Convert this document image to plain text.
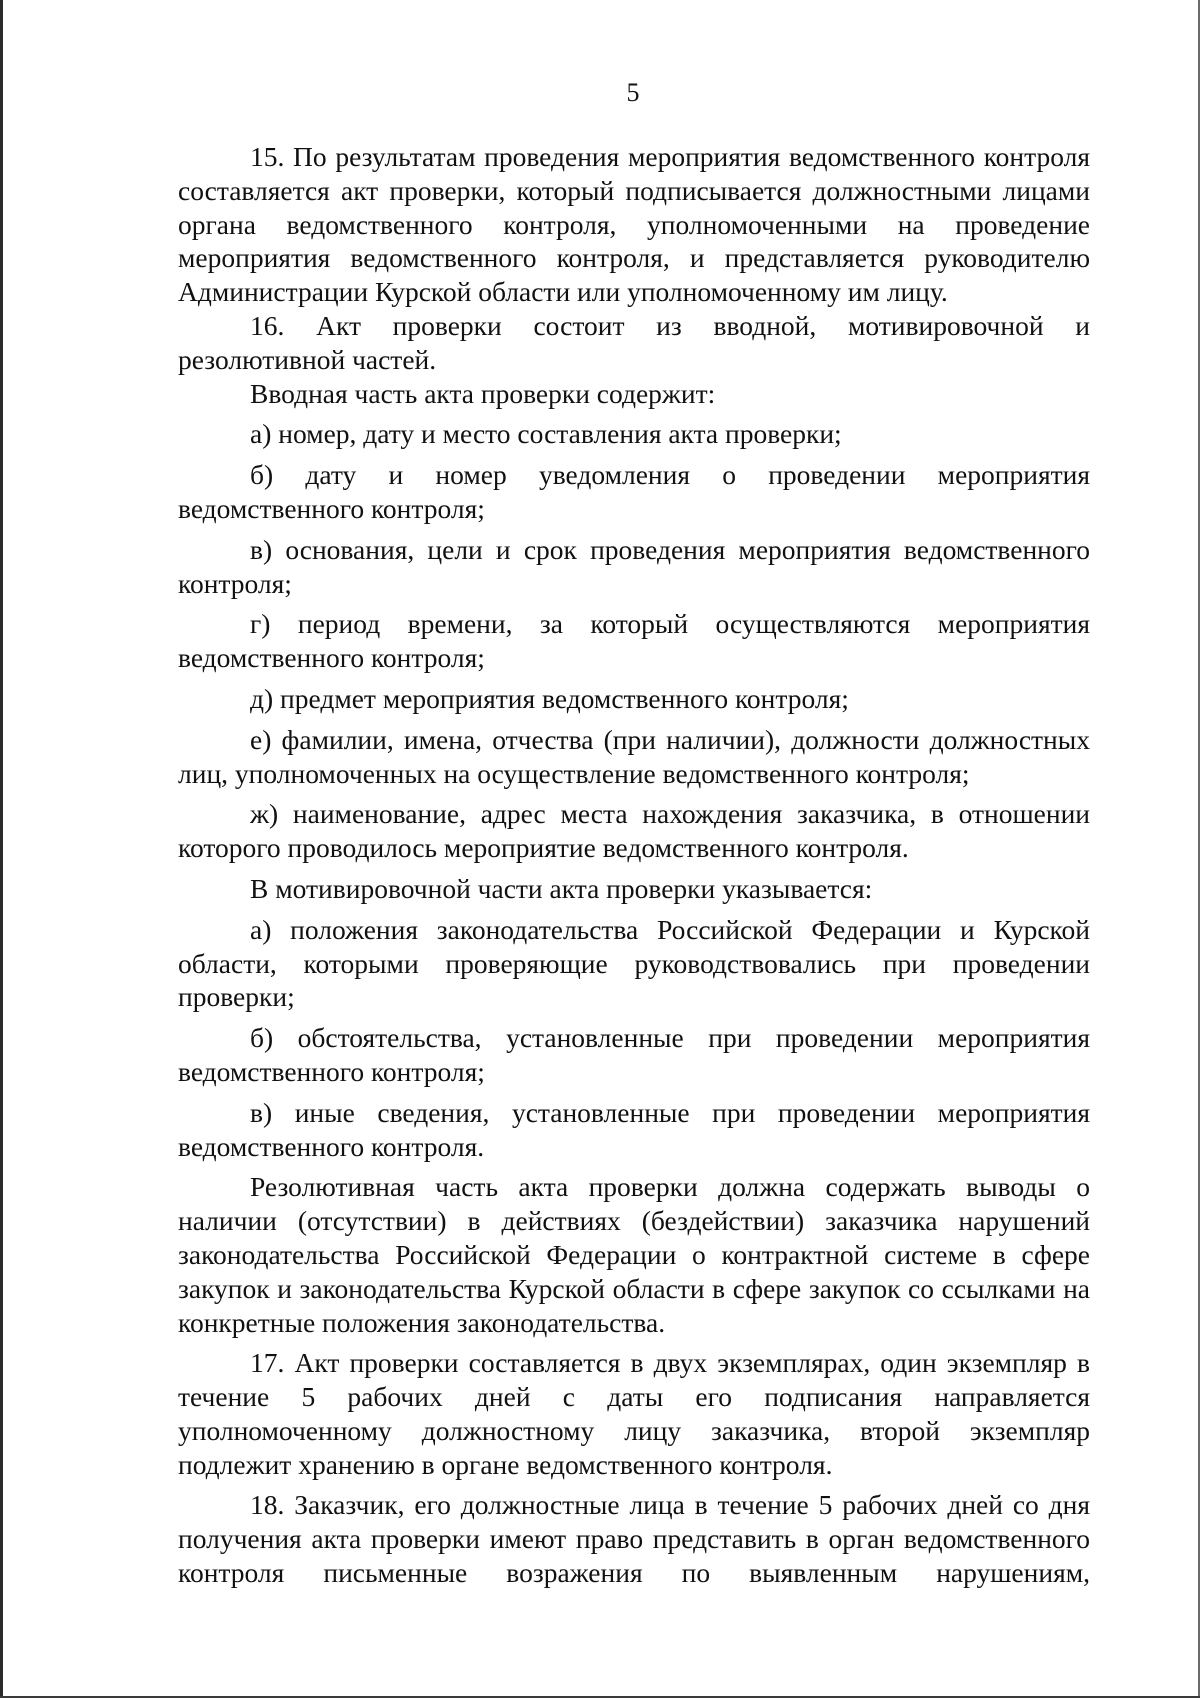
5

15. По результатам проведения мероприятия ведомственного контроля составляется акт проверки, который подписывается должностными лицами органа ведомственного контроля, уполномоченными на проведение мероприятия ведомственного контроля, и представляется руководителю Администрации Курской области или уполномоченному им лицу.

16. Акт проверки состоит из вводной, мотивировочной и резолютивной частей.

Вводная часть акта проверки содержит:

а) номер, дату и место составления акта проверки;

б) дату и номер уведомления о проведении мероприятия ведомственного контроля;

в) основания, цели и срок проведения мероприятия ведомственного контроля;

г) период времени, за который осуществляются мероприятия ведомственного контроля;

д) предмет мероприятия ведомственного контроля;

е) фамилии, имена, отчества (при наличии), должности должностных лиц, уполномоченных на осуществление ведомственного контроля;

ж) наименование, адрес места нахождения заказчика, в отношении которого проводилось мероприятие ведомственного контроля.

В мотивировочной части акта проверки указывается:

а) положения законодательства Российской Федерации и Курской области, которыми проверяющие руководствовались при проведении проверки;

б) обстоятельства, установленные при проведении мероприятия ведомственного контроля;

в) иные сведения, установленные при проведении мероприятия ведомственного контроля.

Резолютивная часть акта проверки должна содержать выводы о наличии (отсутствии) в действиях (бездействии) заказчика нарушений законодательства Российской Федерации о контрактной системе в сфере закупок и законодательства Курской области в сфере закупок со ссылками на конкретные положения законодательства.

17. Акт проверки составляется в двух экземплярах, один экземпляр в течение 5 рабочих дней с даты его подписания направляется уполномоченному должностному лицу заказчика, второй экземпляр подлежит хранению в органе ведомственного контроля.

18. Заказчик, его должностные лица в течение 5 рабочих дней со дня получения акта проверки имеют право представить в орган ведомственного контроля письменные возражения по выявленным нарушениям,
